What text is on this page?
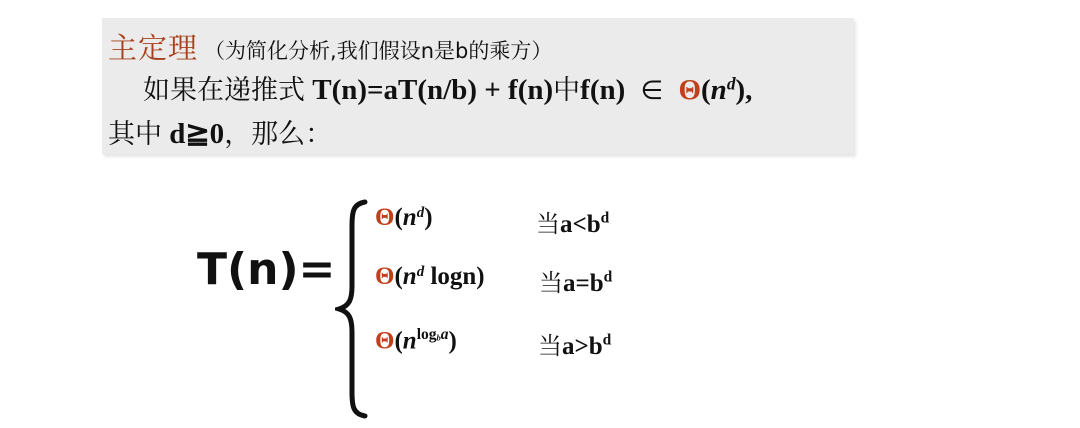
主定理 （为简化分析,我们假设n是b的乘方）
如果在递推式 T(n)=aT(n/b) + f(n)中f(n) ∈ $\Theta(n^d)$,
其中 d≧0，那么：
T(n)=
$\Theta(n^d)$	当$a<b^d$
$\Theta(n^d$ logn) 当$a=b^d$
$\Theta(n^{logba})$	当$a>b^d$
